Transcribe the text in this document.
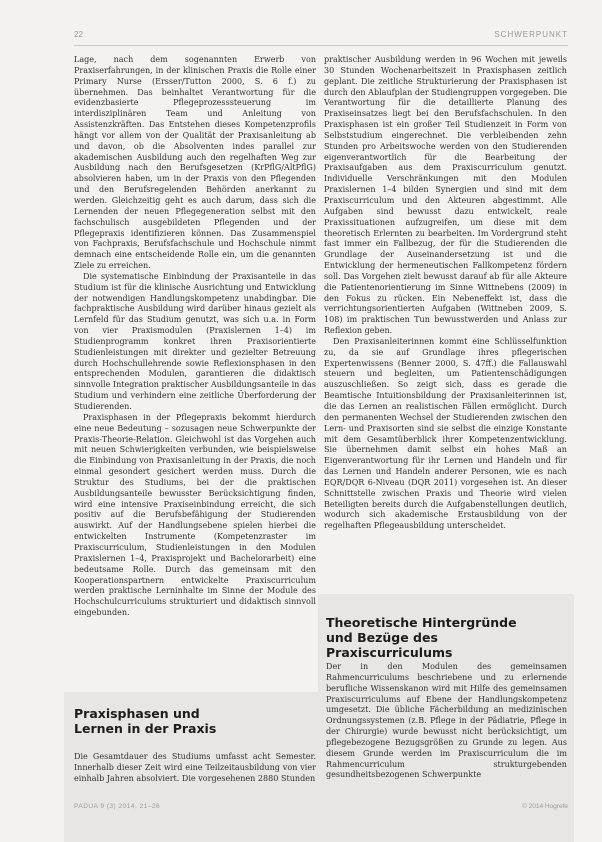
22	SCHWERPUNKT

Lage, nach dem sogenannten Erwerb von Praxiserfahrungen, in der klinischen Praxis die Rolle einer Primary Nurse (Ersser/Tutton 2000, S. 6 f.) zu übernehmen. Das beinhaltet Verantwortung für die evidenzbasierte Pflegeprozesssteuerung im interdisziplinären Team und Anleitung von Assistenzkräften. Das Entstehen dieses Kompetenzprofils hängt vor allem von der Qualität der Praxisanleitung ab und davon, ob die Absolventen indes parallel zur akademischen Ausbildung auch den regelhaften Weg zur Ausbildung nach den Berufsgesetzen (KrPflG/AltPflG) absolvieren haben, um in der Praxis von den Pflegenden und den Berufsregelenden Behörden anerkannt zu werden. Gleichzeitig geht es auch darum, dass sich die Lernenden der neuen Pflegegeneration selbst mit den fachschulisch ausgebildeten Pflegenden und der Pflegepraxis identifizieren können. Das Zusammenspiel von Fachpraxis, Berufsfachschule und Hochschule nimmt demnach eine entscheidende Rolle ein, um die genannten Ziele zu erreichen.

Die systematische Einbindung der Praxisanteile in das Studium ist für die klinische Ausrichtung und Entwicklung der notwendigen Handlungskompetenz unabdingbar. Die fachpraktische Ausbildung wird darüber hinaus gezielt als Lernfeld für das Studium genutzt, was sich u.a. in Form von vier Praxismodulen (Praxislernen 1–4) im Studienprogramm konkret ihren Praxisorientierte Studienleistungen mit direkter und gezielter Betreuung durch Hochschullehrende sowie Reflexionsphasen in den entsprechenden Modulen, garantieren die didaktisch sinnvolle Integration praktischer Ausbildungsanteile in das Studium und verhindern eine zeitliche Überforderung der Studierenden.

Praxisphasen in der Pflegepraxis bekommt hierdurch eine neue Bedeutung – sozusagen neue Schwerpunkte der Praxis-Theorie-Relation. Gleichwohl ist das Vorgehen auch mit neuen Schwierigkeiten verbunden, wie beispielsweise die Einbindung von Praxisanleitung in der Praxis, die noch einmal gesondert gesichert werden muss. Durch die Struktur des Studiums, bei der die praktischen Ausbildungsanteile bewusster Berücksichtigung finden, wird eine intensive Praxiseinbindung erreicht, die sich positiv auf die Berufsbefähigung der Studierenden auswirkt. Auf der Handlungsebene spielen hierbei die entwickelten Instrumente (Kompetenzraster im Praxiscurriculum, Studienleistungen in den Modulen Praxislernen 1–4, Praxisprojekt und Bachelorarbeit) eine bedeutsame Rolle. Durch das gemeinsam mit den Kooperationspartnern entwickelte Praxiscurriculum werden praktische Lerninhalte im Sinne der Module des Hochschulcurriculums strukturiert und didaktisch sinnvoll eingebunden.

praktischer Ausbildung werden in 96 Wochen mit jeweils 30 Stunden Wochenarbeitszeit in Praxisphasen zeitlich geplant. Die zeitliche Strukturierung der Praxisphasen ist durch den Ablaufplan der Studiengruppen vorgegeben. Die Verantwortung für die detaillierte Planung des Praxiseinsatzes liegt bei den Berufsfachschulen. In den Praxisphasen ist ein großer Teil Studienzeit in Form von Selbststudium eingerechnet. Die verbleibenden zehn Stunden pro Arbeitswoche werden von den Studierenden eigenverantwortlich für die Bearbeitung der Praxisaufgaben aus dem Praxiscurriculum genutzt. Individuelle Verschränkungen mit den Modulen Praxislernen 1–4 bilden Synergien und sind mit dem Praxiscurriculum und den Akteuren abgestimmt. Alle Aufgaben sind bewusst dazu entwickelt, reale Praxissituationen aufzugreifen, um diese mit dem theoretisch Erlernten zu bearbeiten. Im Vordergrund steht fast immer ein Fallbezug, der für die Studierenden die Grundlage der Auseinandersetzung ist und die Entwicklung der hermeneutischen Fallkompetenz fördern soll. Das Vorgehen zielt bewusst darauf ab für alle Akteure die Patientenorientierung im Sinne Wittnebens (2009) in den Fokus zu rücken. Ein Nebeneffekt ist, dass die verrichtungsorientierten Aufgaben (Wittneben 2009, S. 108) im praktischen Tun bewusstwerden und Anlass zur Reflexion geben.

Den Praxisanleiterinnen kommt eine Schlüsselfunktion zu, da sie auf Grundlage ihres pflegerischen Expertenwissens (Benner 2000, S. 47ff.) die Fallauswahl steuern und begleiten, um Patientenschädigungen auszuschließen. So zeigt sich, dass es gerade die Beamtische Intuitionsbildung der Praxisanleiterinnen ist, die das Lernen an realistischen Fällen ermöglicht. Durch den permanenten Wechsel der Studierenden zwischen den Lern- und Praxisorten sind sie selbst die einzige Konstante mit dem Gesamtüberblick ihrer Kompetenzentwicklung. Sie übernehmen damit selbst ein hohes Maß an Eigenverantwortung für ihr Lernen und Handeln und für das Lernen und Handeln anderer Personen, wie es nach EQR/DQR 6-Niveau (DQR 2011) vorgesehen ist. An dieser Schnittstelle zwischen Praxis und Theorie wird vielen Beteiligten bereits durch die Aufgabenstellungen deutlich, wodurch sich akademische Erstausbildung von der regelhaften Pflegeausbildung unterscheidet.

Praxisphasen und
Lernen in der Praxis

Die Gesamtdauer des Studiums umfasst acht Semester. Innerhalb dieser Zeit wird eine Teilzeitausbildung von vier einhalb Jahren absolviert. Die vorgesehenen 2880 Stunden

Theoretische Hintergründe
und Bezüge des Praxiscurriculums

Der in den Modulen des gemeinsamen Rahmencurriculums beschriebene und zu erlernende berufliche Wissenskanon wird mit Hilfe des gemeinsamen Praxiscurriculums auf Ebene der Handlungskompetenz umgesetzt. Die übliche Fächerbildung an medizinischen Ordnungssystemen (z.B. Pflege in der Pädiatrie, Pflege in der Chirurgie) wurde bewusst nicht berücksichtigt, um pflegebezogene Bezugsgrößen zu Grunde zu legen. Aus diesem Grunde werden im Praxiscurriculum die im Rahmencurriculum strukturgebenden gesundheitsbezogenen Schwerpunkte

PADUA 9 (3) 2014, 21–26	© 2014 Hogrefe
